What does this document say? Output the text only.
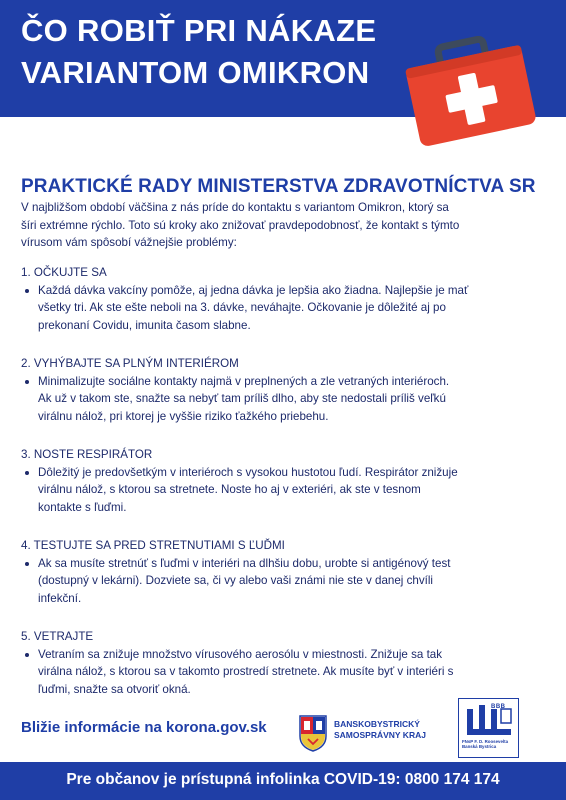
ČO ROBIŤ PRI NÁKAZE
VARIANTOM OMIKRON
PRAKTICKÉ RADY MINISTERSTVA ZDRAVOTNÍCTVA SR
V najbližšom období väčšina z nás príde do kontaktu s variantom Omikron, ktorý sa
šíri extrémne rýchlo. Toto sú kroky ako znižovať pravdepodobnosť, že kontakt s týmto
vírusom vám spôsobí vážnejšie problémy:
1. OČKUJTE SA
Každá dávka vakcíny pomôže, aj jedna dávka je lepšia ako žiadna. Najlepšie je mať
všetky tri. Ak ste ešte neboli na 3. dávke, neváhajte. Očkovanie je dôležité aj po
prekonaní Covidu, imunita časom slabne.
2. VYHÝBAJTE SA PLNÝM INTERIÉROM
Minimalizujte sociálne kontakty najmä v preplnených a zle vetraných interiéroch.
Ak už v takom ste, snažte sa nebyť tam príliš dlho, aby ste nedostali príliš veľkú
virálnu nálož, pri ktorej je vyššie riziko ťažkého priebehu.
3. NOSTE RESPIRÁTOR
Dôležitý je predovšetkým v interiéroch s vysokou hustotou ľudí. Respirátor znižuje
virálnu nálož, s ktorou sa stretnete. Noste ho aj v exteriéri, ak ste v tesnom
kontakte s ľuďmi.
4. TESTUJTE SA PRED STRETNUTIAMI S ĽUĎMI
Ak sa musíte stretnúť s ľuďmi v interiéri na dlhšiu dobu, urobte si antigénový test
(dostupný v lekárni). Dozviete sa, či vy alebo vaši známi nie ste v danej chvíli
infekční.
5. VETRAJTE
Vetraním sa znižuje množstvo vírusového aerosólu v miestnosti. Znižuje sa tak
virálna nálož, s ktorou sa v takomto prostredí stretnete. Ak musíte byť v interiéri s
ľuďmi, snažte sa otvoriť okná.
Bližie informácie na korona.gov.sk	BANSKOBYSTRICKÝ
SAMOSPRÁVNY KRAJ
BBB
FNsP F. D. Roosevelta
Banská Bystrica
Pre občanov je prístupná infolinka COVID-19: 0800 174 174
